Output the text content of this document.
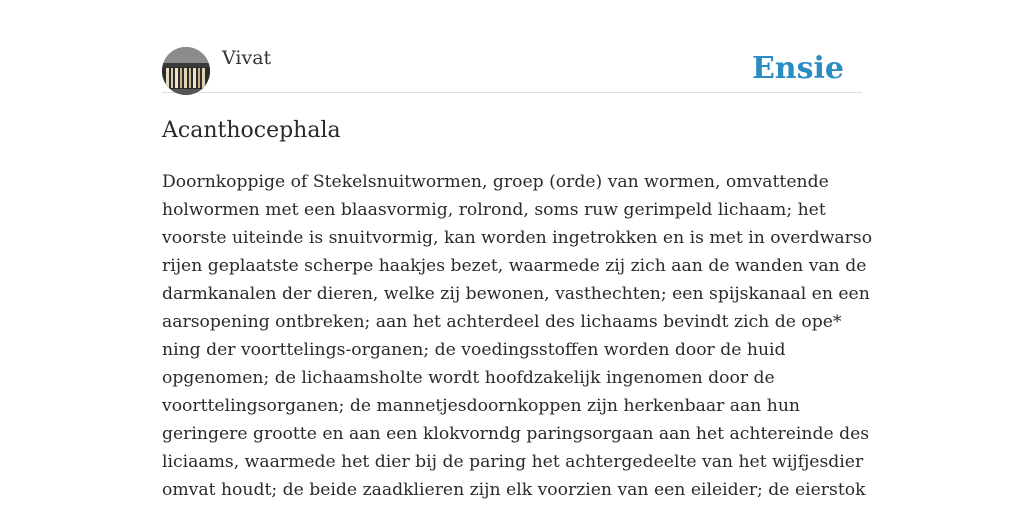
Vivat	Ensie
Acanthocephala

Doornkoppige of Stekelsnuitwormen, groep (orde) van wormen, omvattende
holwormen met een blaasvormig, rolrond, soms ruw gerimpeld lichaam; het
voorste uiteinde is snuitvormig, kan worden ingetrokken en is met in overdwarso
rijen geplaatste scherpe haakjes bezet, waarmede zij zich aan de wanden van de
darmkanalen der dieren, welke zij bewonen, vasthechten; een spijskanaal en een
aarsopening ontbreken; aan het achterdeel des lichaams bevindt zich de ope*
ning der voorttelings-organen; de voedingsstoffen worden door de huid
opgenomen; de lichaamsholte wordt hoofdzakelijk ingenomen door de
voorttelingsorganen; de mannetjesdoornkoppen zijn herkenbaar aan hun
geringere grootte en aan een klokvorndg paringsorgaan aan het achtereinde des
liciaams, waarmede het dier bij de paring het achtergedeelte van het wijfjesdier
omvat houdt; de beide zaadklieren zijn elk voorzien van een eileider; de eierstok
